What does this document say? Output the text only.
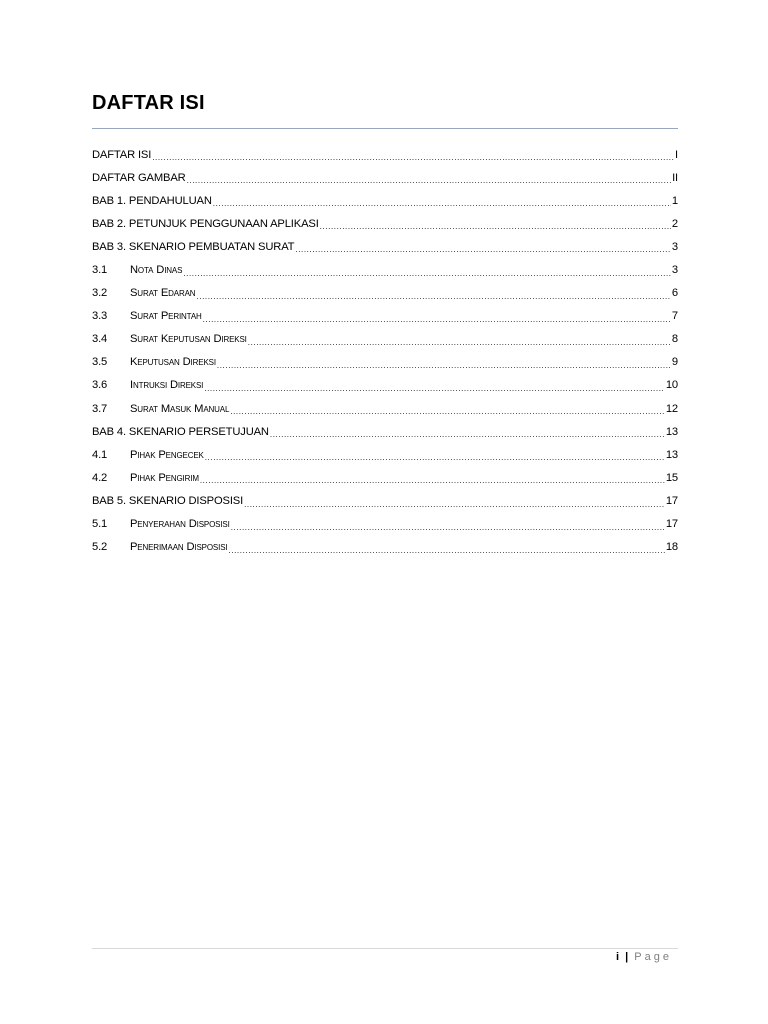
DAFTAR ISI
DAFTAR ISI .....	I
DAFTAR GAMBAR .....	II
BAB 1. PENDAHULUAN .....	1
BAB 2. PETUNJUK PENGGUNAAN APLIKASI .....	2
BAB 3. SKENARIO PEMBUATAN SURAT .....	3
3.1	Nota Dinas .....	3
3.2	Surat Edaran .....	6
3.3	Surat Perintah .....	7
3.4	Surat Keputusan Direksi .....	8
3.5	Keputusan Direksi .....	9
3.6	Intruksi Direksi .....	10
3.7	Surat Masuk Manual .....	12
BAB 4. SKENARIO PERSETUJUAN .....	13
4.1	Pihak Pengecek .....	13
4.2	Pihak Pengirim .....	15
BAB 5. SKENARIO DISPOSISI .....	17
5.1	Penyerahan Disposisi .....	17
5.2	Penerimaan Disposisi .....	18
i | Page
